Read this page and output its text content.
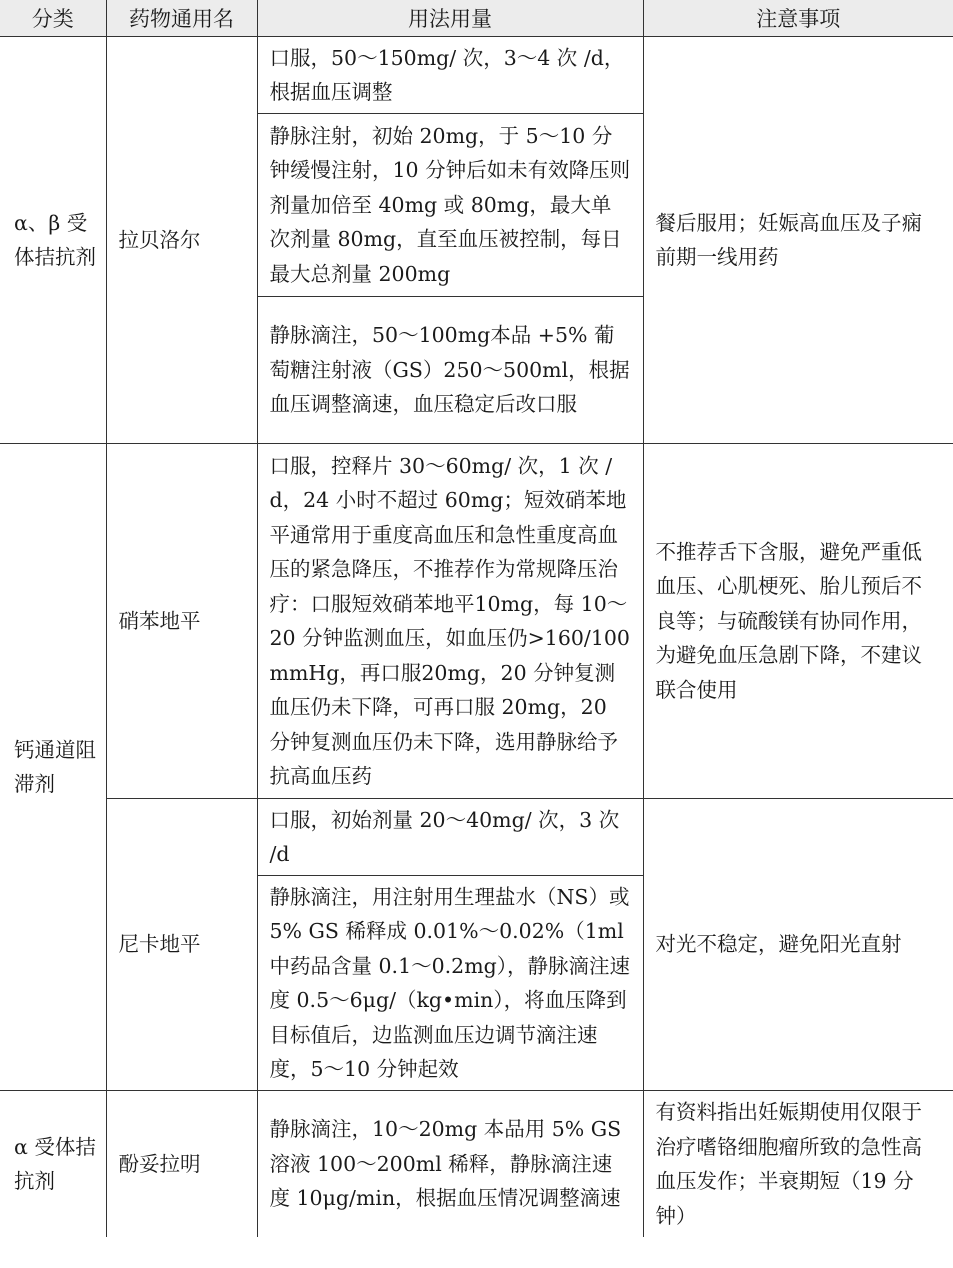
分类	药物通用名	用法用量	注意事项
α、β 受体拮抗剂	拉贝洛尔	口服，50～150mg/ 次，3～4 次 /d，根据血压调整	餐后服用；妊娠高血压及子痫前期一线用药
		静脉注射，初始 20mg，于 5～10 分钟缓慢注射，10 分钟后如未有效降压则剂量加倍至 40mg 或 80mg，最大单次剂量 80mg，直至血压被控制，每日最大总剂量 200mg	
		静脉滴注，50～100mg本品 +5% 葡萄糖注射液（GS）250～500ml，根据血压调整滴速，血压稳定后改口服	
钙通道阻滞剂	硝苯地平	口服，控释片 30～60mg/ 次，1 次 /d，24 小时不超过 60mg；短效硝苯地平通常用于重度高血压和急性重度高血压的紧急降压，不推荐作为常规降压治疗：口服短效硝苯地平10mg，每 10～20 分钟监测血压，如血压仍>160/100mmHg，再口服20mg，20 分钟复测血压仍未下降，可再口服 20mg，20 分钟复测血压仍未下降，选用静脉给予抗高血压药	不推荐舌下含服，避免严重低血压、心肌梗死、胎儿预后不良等；与硫酸镁有协同作用，为避免血压急剧下降，不建议联合使用
	尼卡地平	口服，初始剂量 20～40mg/ 次，3 次 /d	对光不稳定，避免阳光直射
		静脉滴注，用注射用生理盐水（NS）或 5% GS 稀释成 0.01%～0.02%（1ml 中药品含量 0.1～0.2mg），静脉滴注速度 0.5～6μg/（kg•min），将血压降到目标值后，边监测血压边调节滴注速度，5～10 分钟起效	
α 受体拮抗剂	酚妥拉明	静脉滴注，10～20mg 本品用 5% GS 溶液 100～200ml 稀释，静脉滴注速度 10μg/min，根据血压情况调整滴速	有资料指出妊娠期使用仅限于治疗嗜铬细胞瘤所致的急性高血压发作；半衰期短（19 分钟）
